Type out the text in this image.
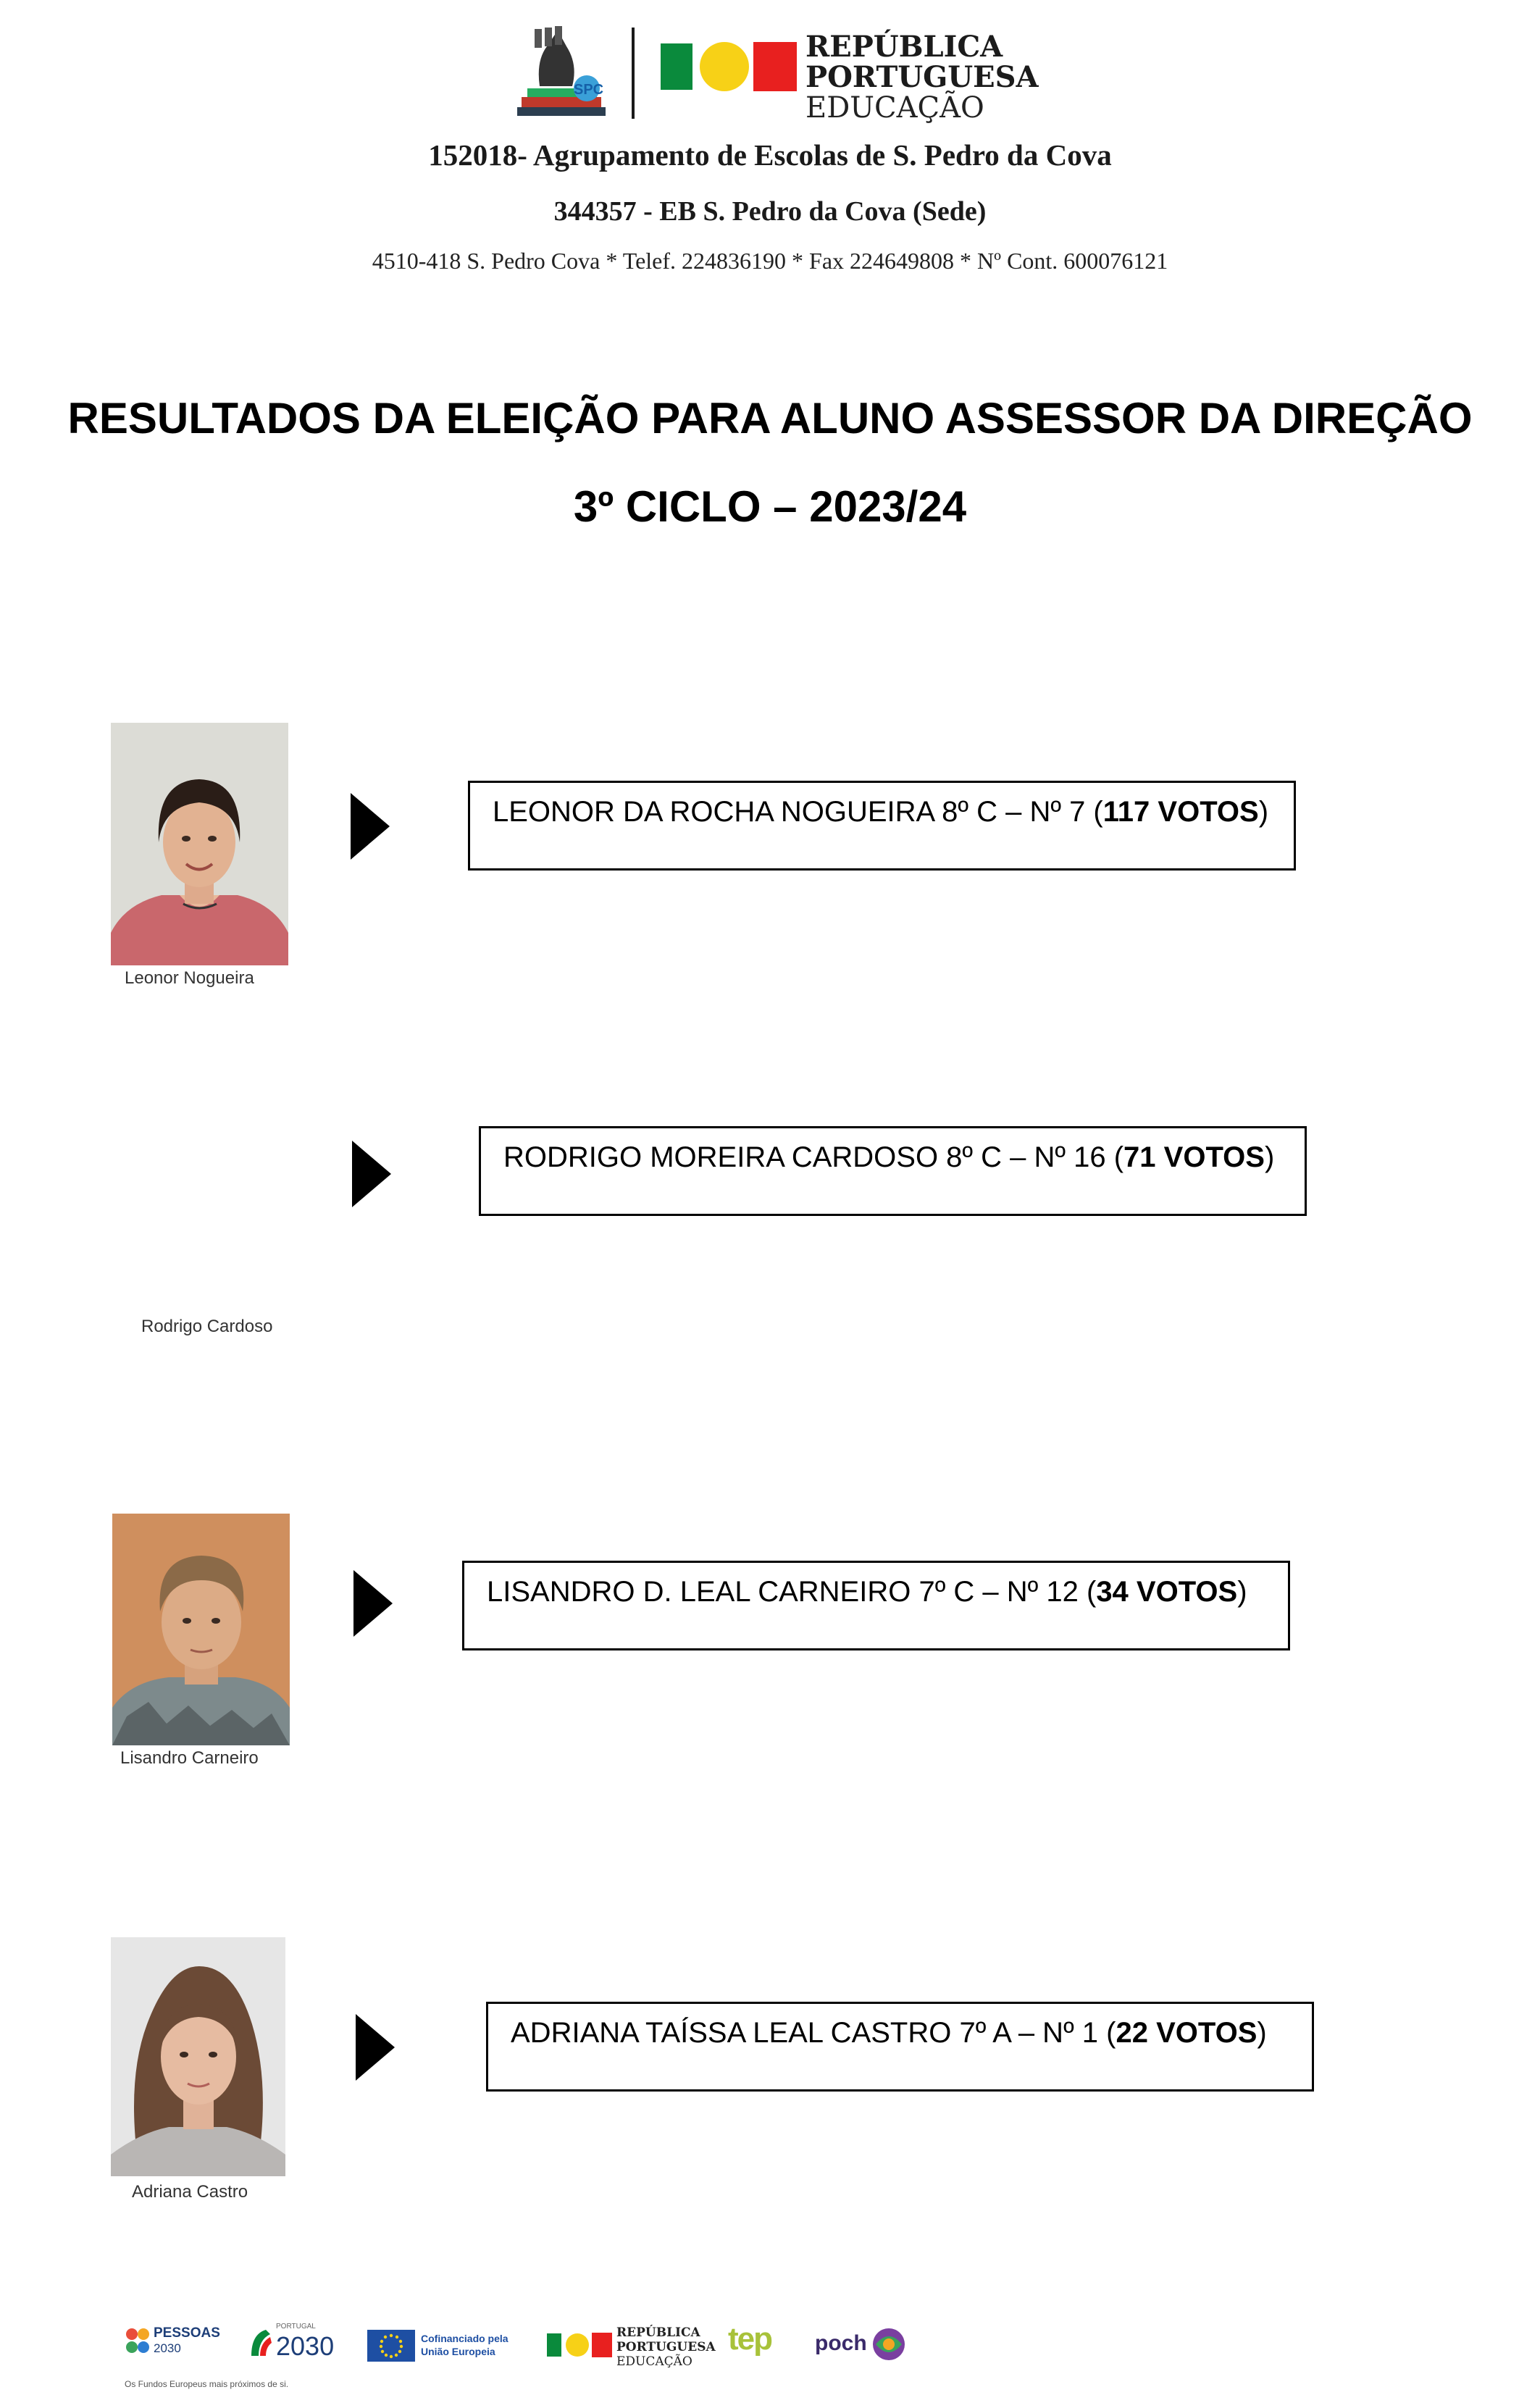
SPC
REPÚBLICA
PORTUGUESA
EDUCAÇÃO
152018- Agrupamento de Escolas de S. Pedro da Cova
344357 - EB S. Pedro da Cova (Sede)
4510-418 S. Pedro Cova * Telef. 224836190 * Fax 224649808 * Nº Cont. 600076121
RESULTADOS DA ELEIÇÃO PARA ALUNO ASSESSOR DA DIREÇÃO
3º CICLO – 2023/24
Leonor Nogueira
LEONOR DA ROCHA NOGUEIRA 8º C – Nº 7 (117 VOTOS)
Rodrigo Cardoso
RODRIGO MOREIRA CARDOSO 8º C – Nº 16 (71 VOTOS)
Lisandro Carneiro
LISANDRO D. LEAL CARNEIRO 7º C – Nº 12 (34 VOTOS)
Adriana Castro
ADRIANA TAÍSSA LEAL CASTRO 7º A – Nº 1 (22 VOTOS)
PESSOAS
2030
PORTUGAL
2030	Cofinanciado pela
União Europeia
REPÚBLICA
PORTUGUESA
EDUCAÇÃO
tep poch
Os Fundos Europeus mais próximos de si.
